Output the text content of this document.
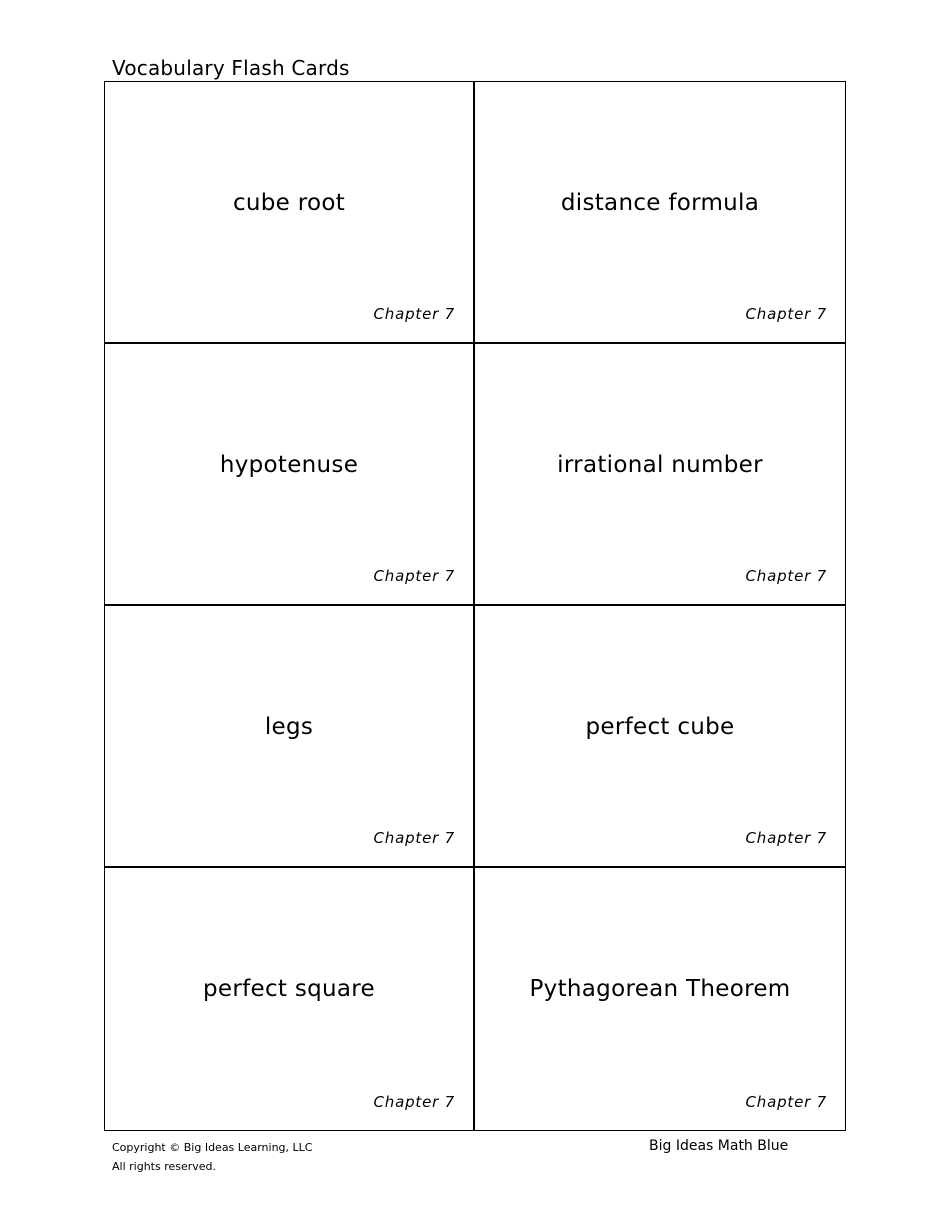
Vocabulary Flash Cards
cube root
Chapter 7
distance formula
Chapter 7
hypotenuse
Chapter 7
irrational number
Chapter 7
legs
Chapter 7
perfect cube
Chapter 7
perfect square
Chapter 7
Pythagorean Theorem
Chapter 7
Copyright © Big Ideas Learning, LLC
All rights reserved.
Big Ideas Math Blue
